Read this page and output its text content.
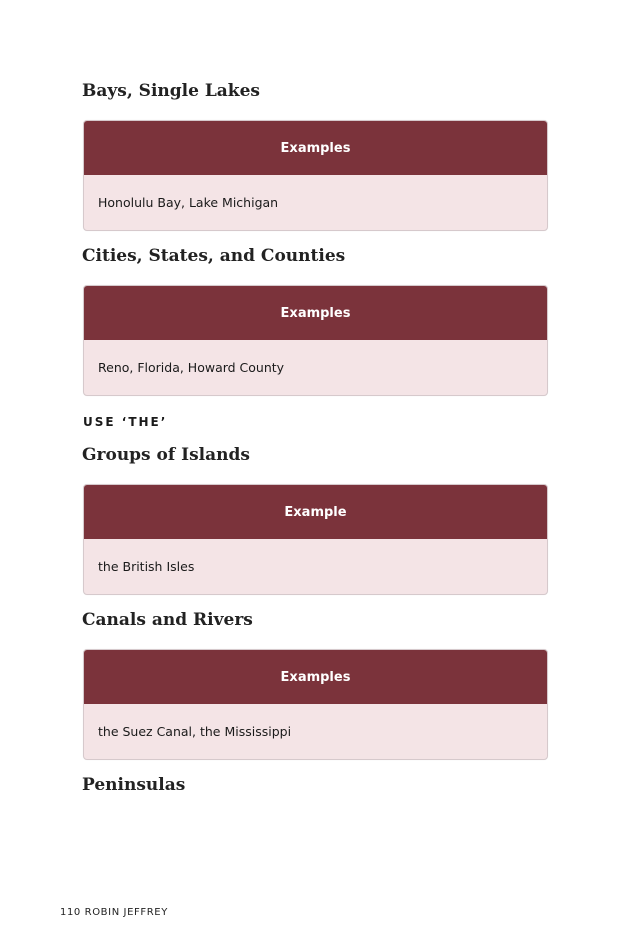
Bays, Single Lakes
Examples
Honolulu Bay, Lake Michigan
Cities, States, and Counties
Examples
Reno, Florida, Howard County
USE ‘THE’
Groups of Islands
Example
the British Isles
Canals and Rivers
Examples
the Suez Canal, the Mississippi
Peninsulas
110 ROBIN JEFFREY
